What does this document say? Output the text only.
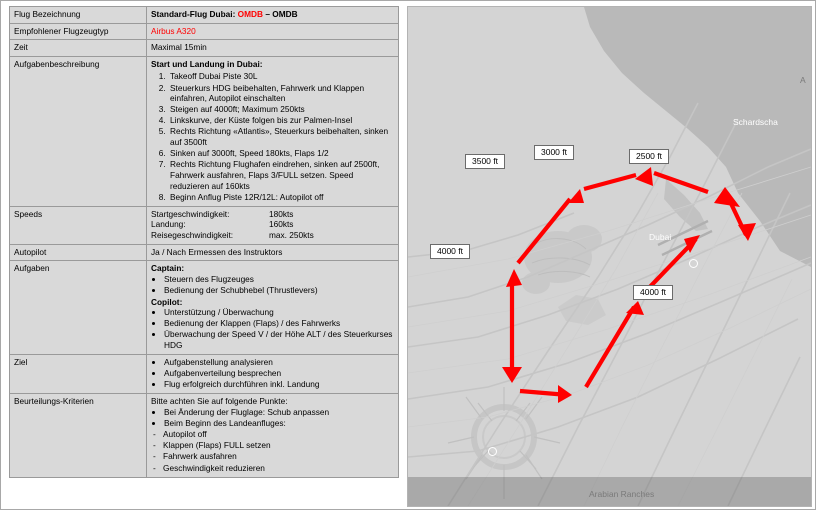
Flug Bezeichnung	Standard-Flug Dubai: OMDB – OMDB
Empfohlener Flugzeugtyp	Airbus A320
Zeit	Maximal 15min
Aufgabenbeschreibung	Start und Landung in Dubai:
1. Takeoff Dubai Piste 30L
2. Steuerkurs HDG beibehalten, Fahrwerk und Klappen einfahren, Autopilot einschalten
3. Steigen auf 4000ft; Maximum 250kts
4. Linkskurve, der Küste folgen bis zur Palmen-Insel
5. Rechts Richtung «Atlantis», Steuerkurs beibehalten, sinken auf 3500ft
6. Sinken auf 3000ft, Speed 180kts, Flaps 1/2
7. Rechts Richtung Flughafen eindrehen, sinken auf 2500ft, Fahrwerk ausfahren, Flaps 3/FULL setzen. Speed reduzieren auf 160kts
8. Beginn Anflug Piste 12R/12L: Autopilot off

Speeds	Startgeschwindigkeit:	180kts
Landung:	160kts
Reisegeschwindigkeit:	max. 250kts

Autopilot	Ja / Nach Ermessen des Instruktors
Aufgaben	Captain:
• Steuern des Flugzeuges
• Bedienung der Schubhebel (Thrustlevers)
Copilot:
• Unterstützung / Überwachung
• Bedienung der Klappen (Flaps) / des Fahrwerks
• Überwachung der Speed V / der Höhe ALT / des Steuerkurses HDG

Ziel	
•Aufgabenstellung analysieren
• Aufgabenverteilung besprechen
• Flug erfolgreich durchführen inkl. Landung

Beurteilungs-Kriterien	Bitte achten Sie auf folgende Punkte:
• Bei Änderung der Fluglage: Schub anpassen
• Beim Beginn des Landeanfluges:
- Autopilot off
- Klappen (Flaps) FULL setzen
- Fahrwerk ausfahren
- Geschwindigkeit reduzieren
3500 ft
3000 ft	2500 ft
4000 ft
4000 ft
Schardscha
Dubai
Arabian Ranches
A
